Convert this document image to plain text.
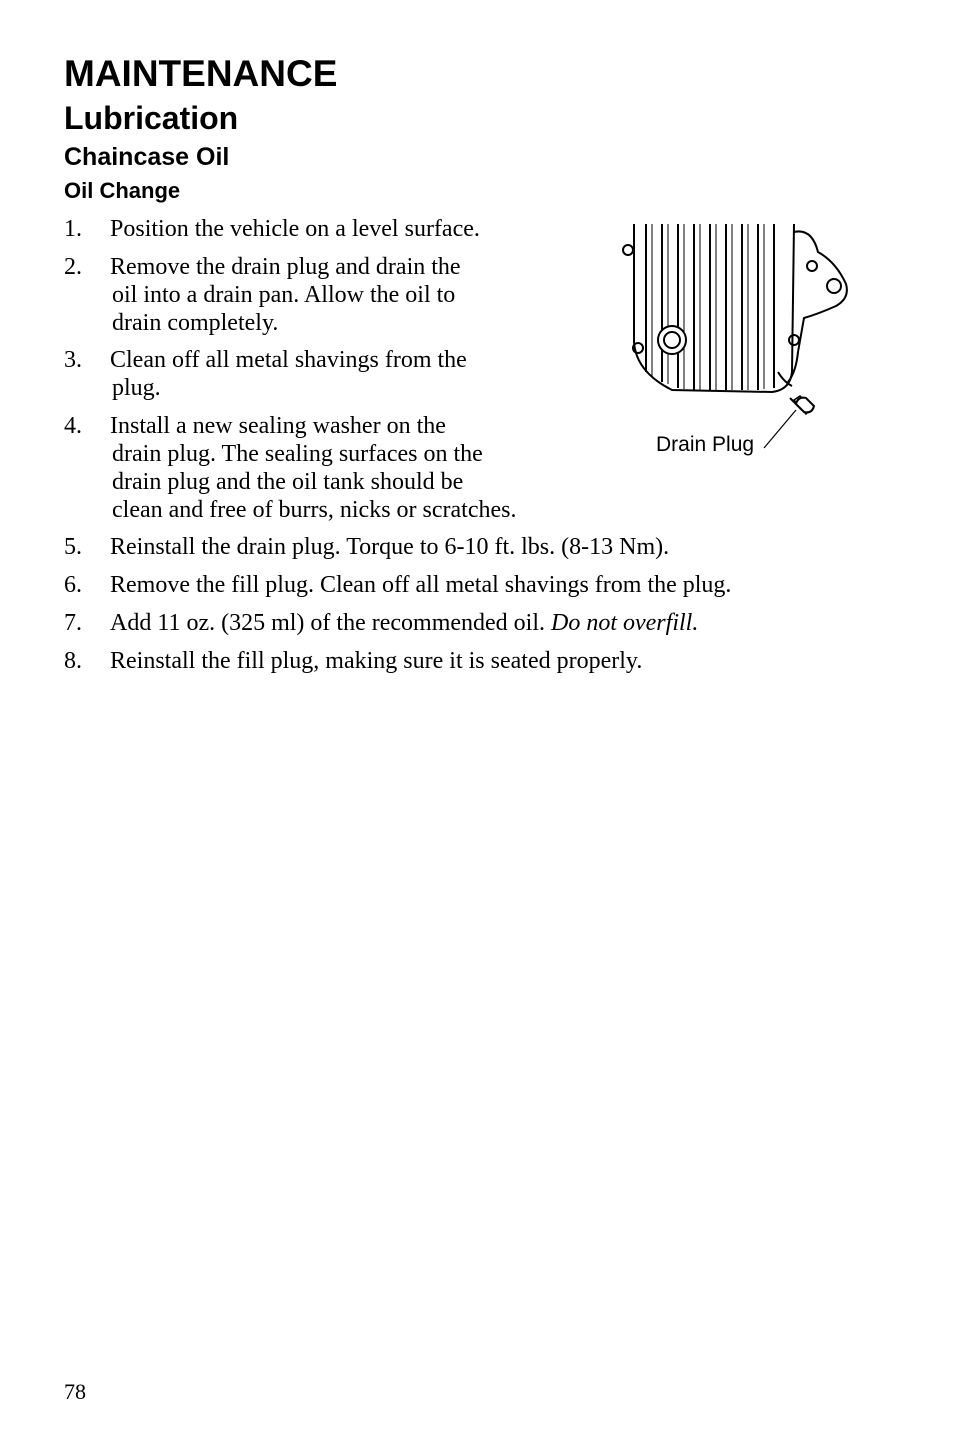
MAINTENANCE
Lubrication
Chaincase Oil
Oil Change
1. Position the vehicle on a level surface.
2. Remove the drain plug and drain the
oil into a drain pan. Allow the oil to
drain completely.
3. Clean off all metal shavings from the
plug.
4. Install a new sealing washer on the
drain plug. The sealing surfaces on the
drain plug and the oil tank should be
clean and free of burrs, nicks or scratches.
5. Reinstall the drain plug. Torque to 6-10 ft. lbs. (8-13 Nm).
6. Remove the fill plug. Clean off all metal shavings from the plug.
7. Add 11 oz. (325 ml) of the recommended oil. Do not overfill.
8. Reinstall the fill plug, making sure it is seated properly.
Drain Plug
78
